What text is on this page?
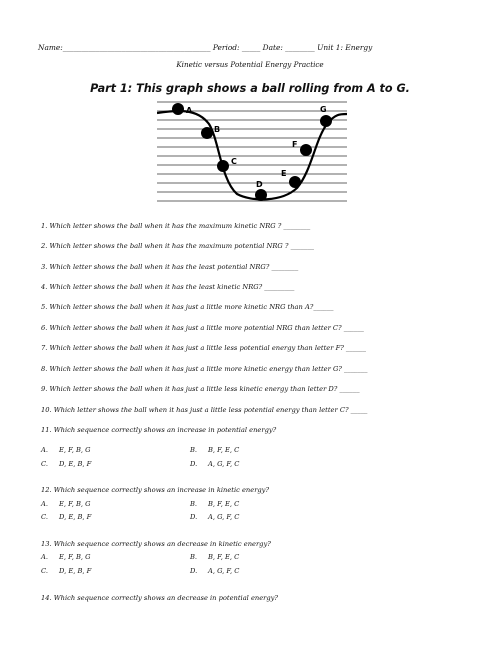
Name:________________________________________ Period: _____ Date: ________ Unit 1: Energy
Kinetic versus Potential Energy Practice
Part 1: This graph shows a ball rolling from A to G.
A
B
C
D
E
F
G
1. Which letter shows the ball when it has the maximum kinetic NRG ? ________
2. Which letter shows the ball when it has the maximum potential NRG ? _______
3. Which letter shows the ball when it has the least potential NRG? ________
4. Which letter shows the ball when it has the least kinetic NRG? _________
5. Which letter shows the ball when it has just a little more kinetic NRG than A?______
6. Which letter shows the ball when it has just a little more potential NRG than letter C? ______
7. Which letter shows the ball when it has just a little less potential energy than letter F? ______
8. Which letter shows the ball when it has just a little more kinetic energy than letter G? _______
9. Which letter shows the ball when it has just a little less kinetic energy than letter D? ______
10. Which letter shows the ball when it has just a little less potential energy than letter C? _____
11. Which sequence correctly shows an increase in potential energy?
A. E, F, B, G	B. B, F, E, C
C. D, E, B, F	D. A, G, F, C
12. Which sequence correctly shows an increase in kinetic energy?
A. E, F, B, G	B. B, F, E, C
C. D, E, B, F	D. A, G, F, C
13. Which sequence correctly shows an decrease in kinetic energy?
A. E, F, B, G	B. B, F, E, C
C. D, E, B, F	D. A, G, F, C
14. Which sequence correctly shows an decrease in potential energy?
